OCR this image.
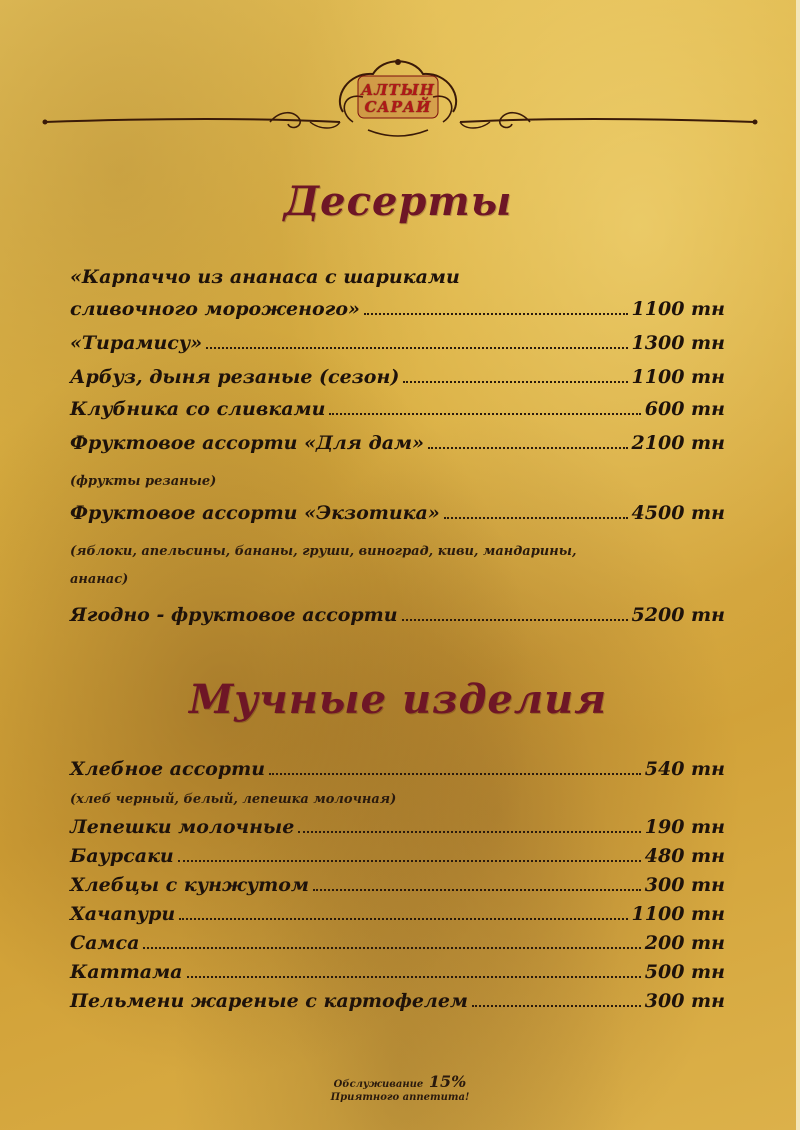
АЛТЫН
САРАЙ
Десерты
«Карпаччо из ананаса с шариками
сливочного мороженого»	1100 тн
«Тирамису»	1300 тн
Арбуз, дыня резаные (сезон)	1100 тн
Клубника со сливками	600 тн
Фруктовое ассорти «Для дам»	2100 тн
(фрукты резаные)
Фруктовое ассорти «Экзотика»	4500 тн
(яблоки, апельсины, бананы, груши, виноград, киви, мандарины,
ананас)
Ягодно - фруктовое ассорти	5200 тн
Мучные изделия
Хлебное ассорти	540 тн
(хлеб черный, белый, лепешка молочная)
Лепешки молочные	190 тн
Баурсаки	480 тн
Хлебцы с кунжутом	300 тн
Хачапури	1100 тн
Самса	200 тн
Каттама	500 тн
Пельмени жареные с картофелем	300 тн
Обслуживание 15%
Приятного аппетита!
